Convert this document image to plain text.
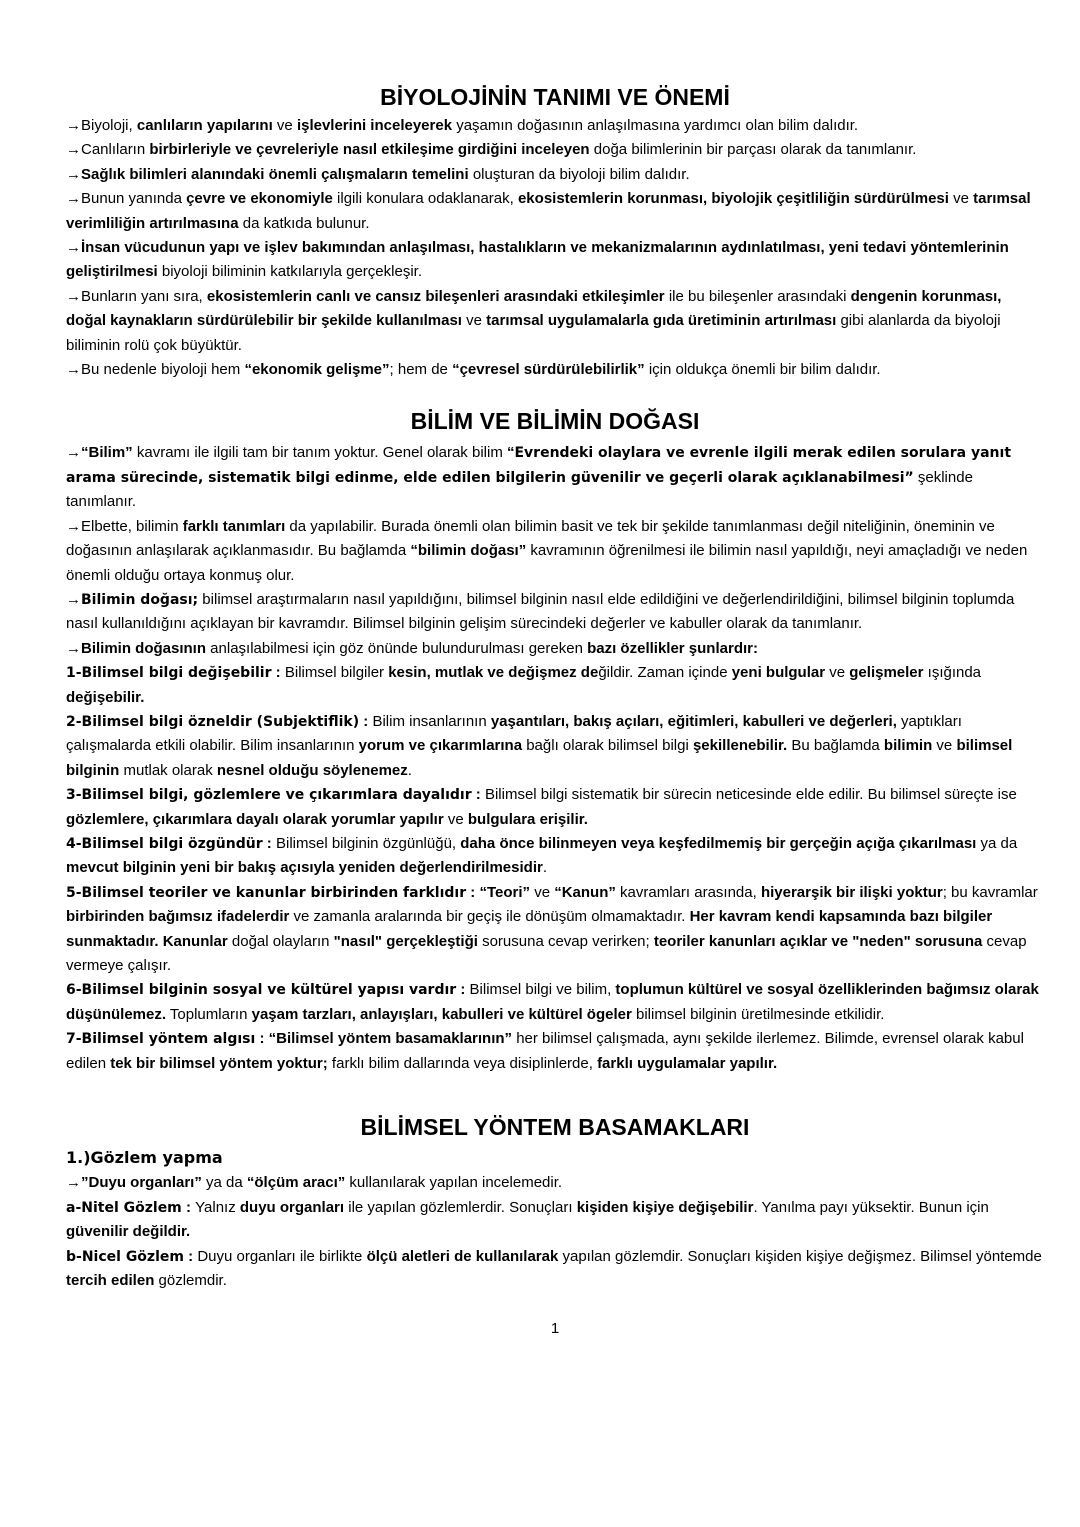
BİYOLOJİNİN TANIMI VE ÖNEMİ

→Biyoloji, canlıların yapılarını ve işlevlerini inceleyerek yaşamın doğasının anlaşılmasına yardımcı olan bilim dalıdır.

→Canlıların birbirleriyle ve çevreleriyle nasıl etkileşime girdiğini inceleyen doğa bilimlerinin bir parçası olarak da tanımlanır.

→Sağlık bilimleri alanındaki önemli çalışmaların temelini oluşturan da biyoloji bilim dalıdır.

→Bunun yanında çevre ve ekonomiyle ilgili konulara odaklanarak, ekosistemlerin korunması, biyolojik çeşitliliğin sürdürülmesi ve tarımsal verimliliğin artırılmasına da katkıda bulunur.

→İnsan vücudunun yapı ve işlev bakımından anlaşılması, hastalıkların ve mekanizmalarının aydınlatılması, yeni tedavi yöntemlerinin geliştirilmesi biyoloji biliminin katkılarıyla gerçekleşir.

→Bunların yanı sıra, ekosistemlerin canlı ve cansız bileşenleri arasındaki etkileşimler ile bu bileşenler arasındaki dengenin korunması, doğal kaynakların sürdürülebilir bir şekilde kullanılması ve tarımsal uygulamalarla gıda üretiminin artırılması gibi alanlarda da biyoloji biliminin rolü çok büyüktür.

→Bu nedenle biyoloji hem “ekonomik gelişme”; hem de “çevresel sürdürülebilirlik” için oldukça önemli bir bilim dalıdır.

BİLİM VE BİLİMİN DOĞASI

→“Bilim” kavramı ile ilgili tam bir tanım yoktur. Genel olarak bilim “Evrendeki olaylara ve evrenle ilgili merak edilen sorulara yanıt arama sürecinde, sistematik bilgi edinme, elde edilen bilgilerin güvenilir ve geçerli olarak açıklanabilmesi” şeklinde tanımlanır.

→Elbette, bilimin farklı tanımları da yapılabilir. Burada önemli olan bilimin basit ve tek bir şekilde tanımlanması değil niteliğinin, öneminin ve doğasının anlaşılarak açıklanmasıdır. Bu bağlamda “bilimin doğası” kavramının öğrenilmesi ile bilimin nasıl yapıldığı, neyi amaçladığı ve neden önemli olduğu ortaya konmuş olur.

→Bilimin doğası; bilimsel araştırmaların nasıl yapıldığını, bilimsel bilginin nasıl elde edildiğini ve değerlendirildiğini, bilimsel bilginin toplumda nasıl kullanıldığını açıklayan bir kavramdır. Bilimsel bilginin gelişim sürecindeki değerler ve kabuller olarak da tanımlanır.

→Bilimin doğasının anlaşılabilmesi için göz önünde bulundurulması gereken bazı özellikler şunlardır:

1-Bilimsel bilgi değişebilir : Bilimsel bilgiler kesin, mutlak ve değişmez değildir. Zaman içinde yeni bulgular ve gelişmeler ışığında değişebilir.

2-Bilimsel bilgi özneldir (Subjektiflik) : Bilim insanlarının yaşantıları, bakış açıları, eğitimleri, kabulleri ve değerleri, yaptıkları çalışmalarda etkili olabilir. Bilim insanlarının yorum ve çıkarımlarına bağlı olarak bilimsel bilgi şekillenebilir. Bu bağlamda bilimin ve bilimsel bilginin mutlak olarak nesnel olduğu söylenemez.

3-Bilimsel bilgi, gözlemlere ve çıkarımlara dayalıdır : Bilimsel bilgi sistematik bir sürecin neticesinde elde edilir. Bu bilimsel süreçte ise gözlemlere, çıkarımlara dayalı olarak yorumlar yapılır ve bulgulara erişilir.

4-Bilimsel bilgi özgündür : Bilimsel bilginin özgünlüğü, daha önce bilinmeyen veya keşfedilmemiş bir gerçeğin açığa çıkarılması ya da mevcut bilginin yeni bir bakış açısıyla yeniden değerlendirilmesidir.

5-Bilimsel teoriler ve kanunlar birbirinden farklıdır : “Teori” ve “Kanun” kavramları arasında, hiyerarşik bir ilişki yoktur; bu kavramlar birbirinden bağımsız ifadelerdir ve zamanla aralarında bir geçiş ile dönüşüm olmamaktadır. Her kavram kendi kapsamında bazı bilgiler sunmaktadır. Kanunlar doğal olayların "nasıl" gerçekleştiği sorusuna cevap verirken; teoriler kanunları açıklar ve "neden" sorusuna cevap vermeye çalışır.

6-Bilimsel bilginin sosyal ve kültürel yapısı vardır : Bilimsel bilgi ve bilim, toplumun kültürel ve sosyal özelliklerinden bağımsız olarak düşünülemez. Toplumların yaşam tarzları, anlayışları, kabulleri ve kültürel ögeler bilimsel bilginin üretilmesinde etkilidir.

7-Bilimsel yöntem algısı : “Bilimsel yöntem basamaklarının” her bilimsel çalışmada, aynı şekilde ilerlemez. Bilimde, evrensel olarak kabul edilen tek bir bilimsel yöntem yoktur; farklı bilim dallarında veya disiplinlerde, farklı uygulamalar yapılır.

BİLİMSEL YÖNTEM BASAMAKLARI

1.)Gözlem yapma

→”Duyu organları” ya da “ölçüm aracı” kullanılarak yapılan incelemedir.

a-Nitel Gözlem : Yalnız duyu organları ile yapılan gözlemlerdir. Sonuçları kişiden kişiye değişebilir. Yanılma payı yüksektir. Bunun için güvenilir değildir.

b-Nicel Gözlem : Duyu organları ile birlikte ölçü aletleri de kullanılarak yapılan gözlemdir. Sonuçları kişiden kişiye değişmez. Bilimsel yöntemde tercih edilen gözlemdir.

1
